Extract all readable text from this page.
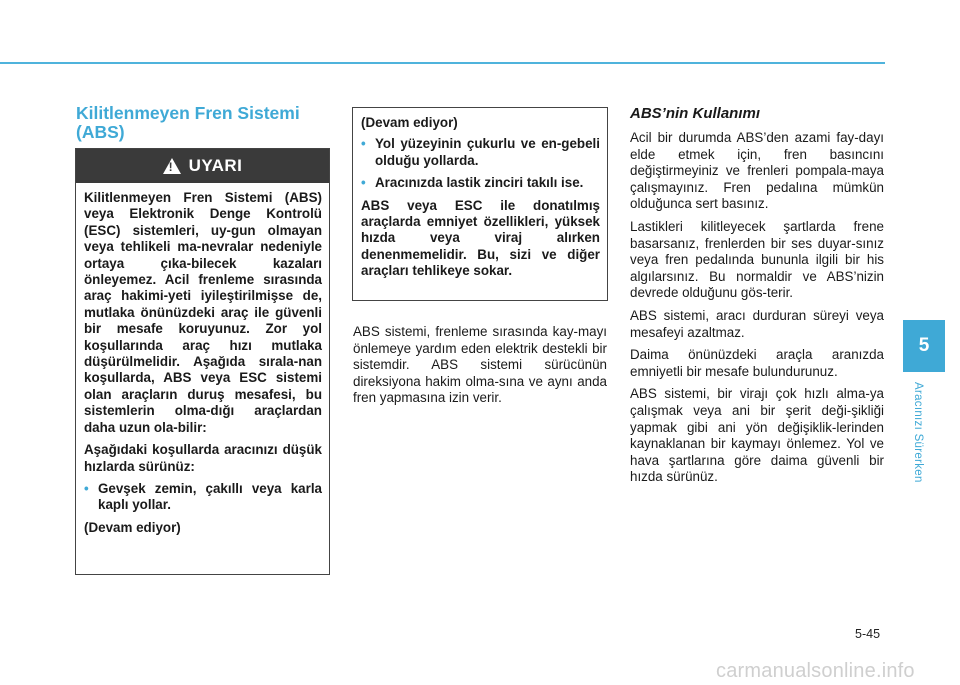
Kilitlenmeyen Fren Sistemi (ABS)
!
UYARI

Kilitlenmeyen Fren Sistemi (ABS) veya Elektronik Denge Kontrolü (ESC) sistemleri, uy-gun olmayan veya tehlikeli ma-nevralar nedeniyle ortaya çıka-bilecek kazaları önleyemez. Acil frenleme sırasında araç hakimi-yeti iyileştirilmişse de, mutlaka önünüzdeki araç ile güvenli bir mesafe koruyunuz. Zor yol koşullarında araç hızı mutlaka düşürülmelidir. Aşağıda sırala-nan koşullarda, ABS veya ESC sistemi olan araçların duruş mesafesi, bu sistemlerin olma-dığı araçlardan daha uzun ola-bilir:

Aşağıdaki koşullarda aracınızı düşük hızlarda sürünüz:

• Gevşek zemin, çakıllı veya karla kaplı yollar.

(Devam ediyor)

(Devam ediyor)

• Yol yüzeyinin çukurlu ve en-gebeli olduğu yollarda.
• Aracınızda lastik zinciri takılı ise.

ABS veya ESC ile donatılmış araçlarda emniyet özellikleri, yüksek hızda veya viraj alırken denenmemelidir. Bu, sizi ve diğer araçları tehlikeye sokar.

ABS sistemi, frenleme sırasında kay-mayı önlemeye yardım eden elektrik destekli bir sistemdir. ABS sistemi sürücünün direksiyona hakim olma-sına ve aynı anda fren yapmasına izin verir.

ABS’nin Kullanımı

Acil bir durumda ABS’den azami fay-dayı elde etmek için, fren basıncını değiştirmeyiniz ve frenleri pompala-maya çalışmayınız. Fren pedalına mümkün olduğunca sert basınız.

Lastikleri kilitleyecek şartlarda frene basarsanız, frenlerden bir ses duyar-sınız veya fren pedalında bununla ilgili bir his algılarsınız. Bu normaldir ve ABS’nizin devrede olduğunu gös-terir.

ABS sistemi, aracı durduran süreyi veya mesafeyi azaltmaz.

Daima önünüzdeki araçla aranızda emniyetli bir mesafe bulundurunuz.

ABS sistemi, bir virajı çok hızlı alma-ya çalışmak veya ani bir şerit deği-şikliği yapmak gibi ani yön değişiklik-lerinden kaynaklanan bir kaymayı önlemez. Yol ve hava şartlarına göre daima güvenli bir hızda sürünüz.

5
Aracınızı Sürerken
5-45
carmanualsonline.info
